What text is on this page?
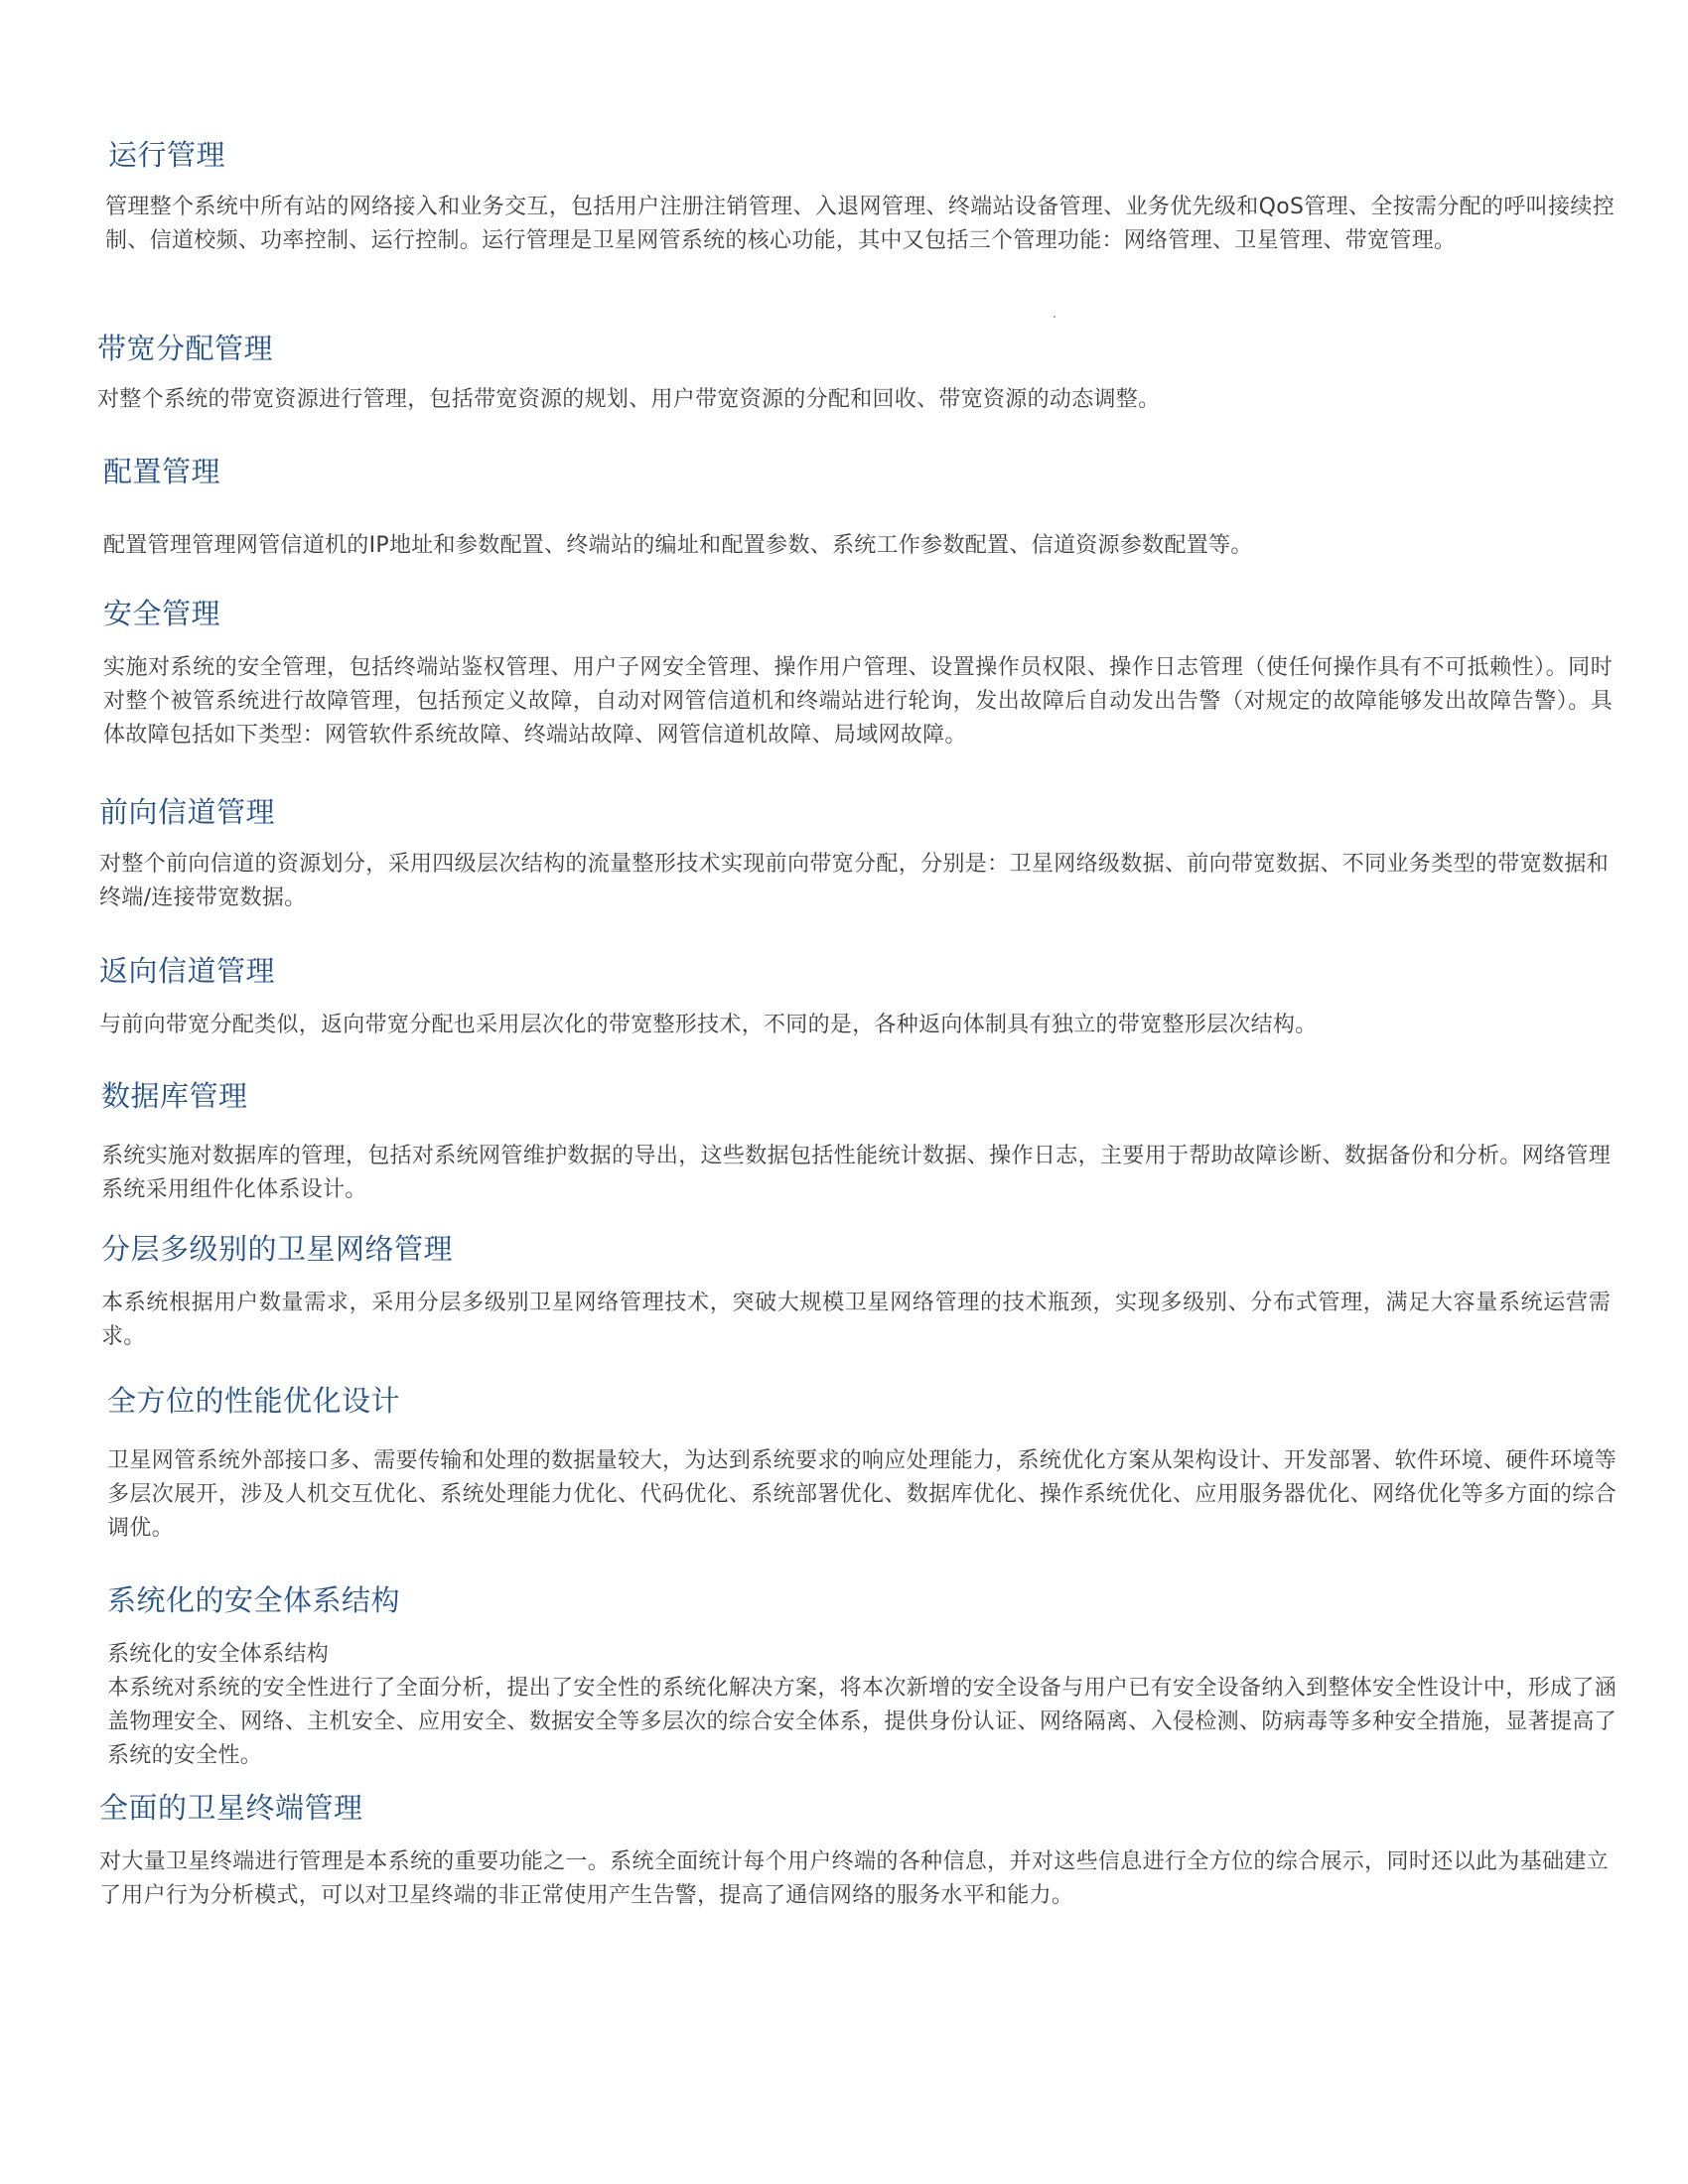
运行管理

管理整个系统中所有站的网络接入和业务交互，包括用户注册注销管理、入退网管理、终端站设备管理、业务优先级和QoS管理、全按需分配的呼叫接续控制、信道校频、功率控制、运行控制。运行管理是卫星网管系统的核心功能，其中又包括三个管理功能：网络管理、卫星管理、带宽管理。

带宽分配管理

对整个系统的带宽资源进行管理，包括带宽资源的规划、用户带宽资源的分配和回收、带宽资源的动态调整。

配置管理

配置管理管理网管信道机的IP地址和参数配置、终端站的编址和配置参数、系统工作参数配置、信道资源参数配置等。

安全管理

实施对系统的安全管理，包括终端站鉴权管理、用户子网安全管理、操作用户管理、设置操作员权限、操作日志管理（使任何操作具有不可抵赖性）。同时对整个被管系统进行故障管理，包括预定义故障，自动对网管信道机和终端站进行轮询，发出故障后自动发出告警（对规定的故障能够发出故障告警）。具体故障包括如下类型：网管软件系统故障、终端站故障、网管信道机故障、局域网故障。

前向信道管理

对整个前向信道的资源划分，采用四级层次结构的流量整形技术实现前向带宽分配，分别是：卫星网络级数据、前向带宽数据、不同业务类型的带宽数据和终端/连接带宽数据。

返向信道管理

与前向带宽分配类似，返向带宽分配也采用层次化的带宽整形技术，不同的是，各种返向体制具有独立的带宽整形层次结构。

数据库管理

系统实施对数据库的管理，包括对系统网管维护数据的导出，这些数据包括性能统计数据、操作日志，主要用于帮助故障诊断、数据备份和分析。网络管理系统采用组件化体系设计。

分层多级别的卫星网络管理

本系统根据用户数量需求，采用分层多级别卫星网络管理技术，突破大规模卫星网络管理的技术瓶颈，实现多级别、分布式管理，满足大容量系统运营需求。

全方位的性能优化设计

卫星网管系统外部接口多、需要传输和处理的数据量较大，为达到系统要求的响应处理能力，系统优化方案从架构设计、开发部署、软件环境、硬件环境等多层次展开，涉及人机交互优化、系统处理能力优化、代码优化、系统部署优化、数据库优化、操作系统优化、应用服务器优化、网络优化等多方面的综合调优。

系统化的安全体系结构
系统化的安全体系结构

本系统对系统的安全性进行了全面分析，提出了安全性的系统化解决方案，将本次新增的安全设备与用户已有安全设备纳入到整体安全性设计中，形成了涵盖物理安全、网络、主机安全、应用安全、数据安全等多层次的综合安全体系，提供身份认证、网络隔离、入侵检测、防病毒等多种安全措施，显著提高了系统的安全性。

全面的卫星终端管理

对大量卫星终端进行管理是本系统的重要功能之一。系统全面统计每个用户终端的各种信息，并对这些信息进行全方位的综合展示，同时还以此为基础建立了用户行为分析模式，可以对卫星终端的非正常使用产生告警，提高了通信网络的服务水平和能力。
